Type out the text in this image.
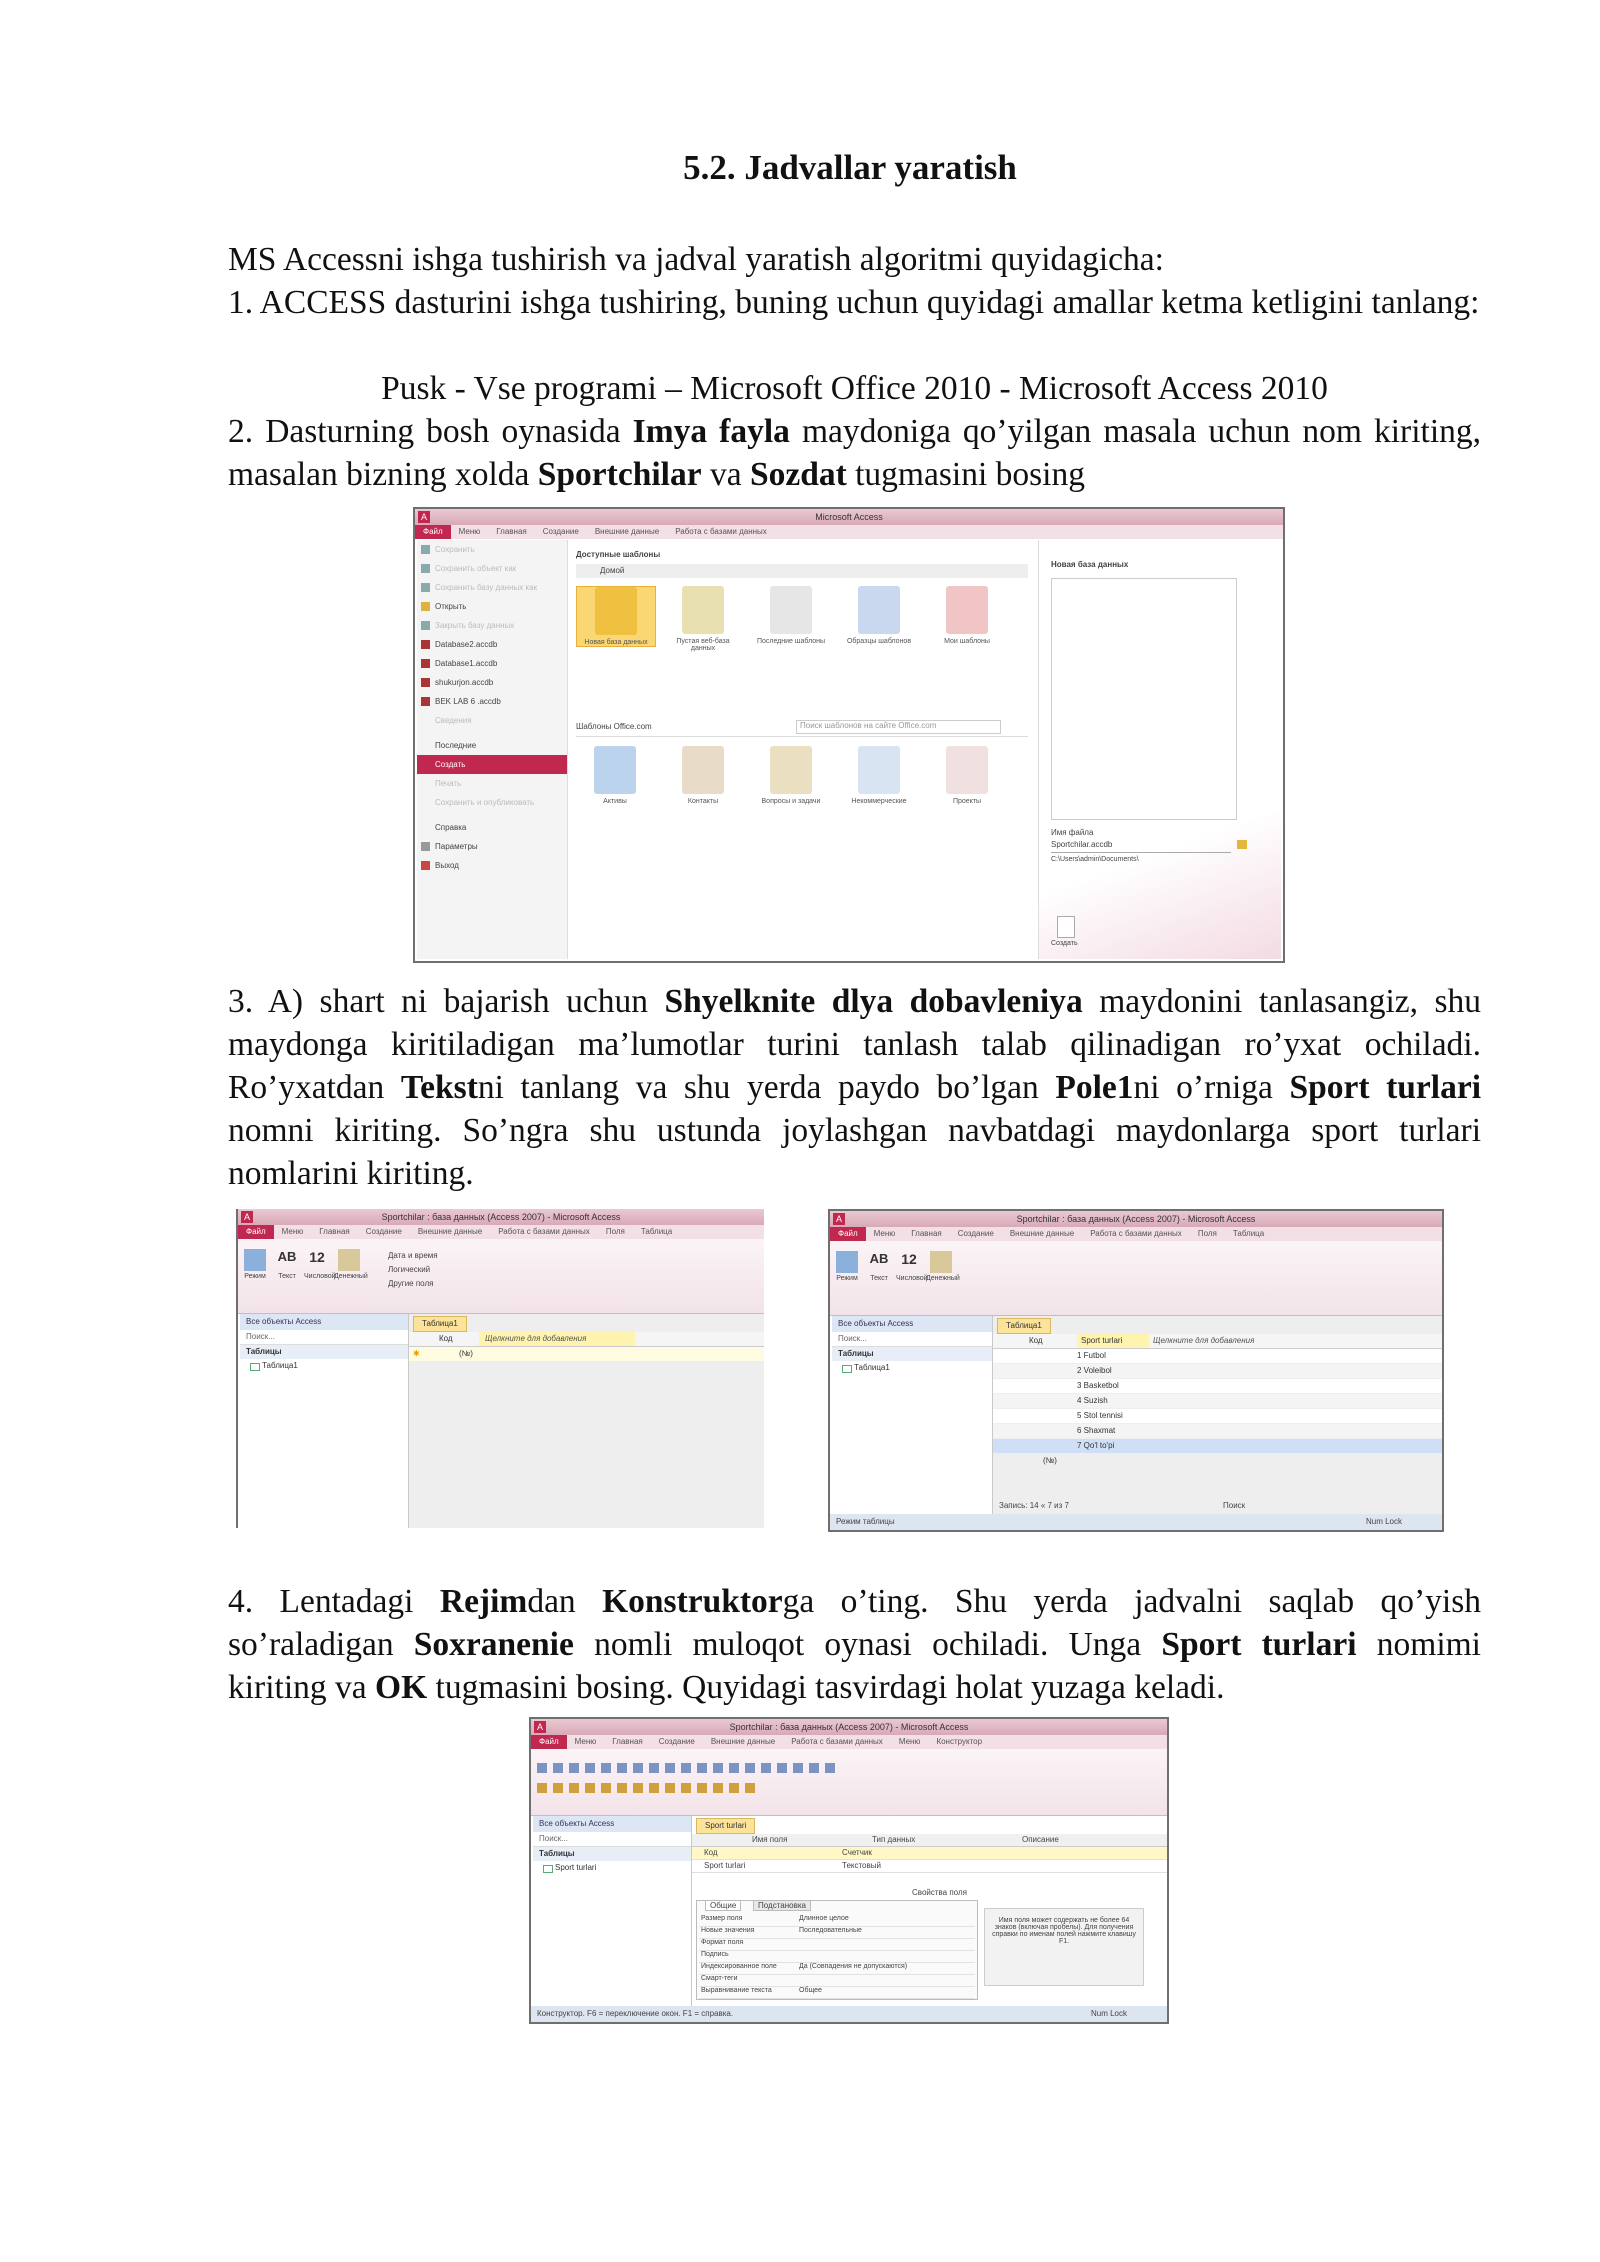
5.2. Jadvallar yaratish
MS Accessni ishga tushirish va jadval yaratish algoritmi quyidagicha:
1. ACCESS dasturini ishga tushiring, buning uchun quyidagi amallar ketma ketligini tanlang:
Pusk - Vse programi – Microsoft Office 2010 - Microsoft Access 2010

2. Dasturning bosh oynasida Imya fayla maydoniga qo’yilgan masala uchun nom kiriting, masalan bizning xolda Sportchilar va Sozdat tugmasini bosing

Microsoft Access
A
Файл Меню Главная Создание Внешние данные Работа с базами данных
Сохранить
Сохранить объект как
Сохранить базу данных как
Открыть
Закрыть базу данных
Database2.accdb
Database1.accdb
shukurjon.accdb
BEK LAB 6 .accdb
Сведения
Последние
Создать
Печать
Сохранить и опубликовать
Справка
Параметры
Выход
Доступные шаблоны
Домой
Новая база данных	Пустая веб-база данных
Последние шаблоны	Образцы шаблонов	Мои шаблоны
Шаблоны Office.com	Поиск шаблонов на сайте Office.com
Активы	Контакты	Вопросы и задачи	Некоммерческие	Проекты
Новая база данных
Имя файла
Sportchilar.accdb
C:\Users\admin\Documents\
Создать

3. A) shart ni bajarish uchun Shyelknite dlya dobavleniya maydonini tanlasangiz, shu maydonga kiritiladigan ma’lumotlar turini tanlash talab qilinadigan ro’yxat ochiladi. Ro’yxatdan Tekstni tanlang va shu yerda paydo bo’lgan Pole1ni o’rniga Sport turlari nomni kiriting. So’ngra shu ustunda joylashgan navbatdagi maydonlarga sport turlari nomlarini kiriting.

Sportchilar : база данных (Access 2007) - Microsoft Access
A
Файл Меню Главная Создание Внешние данные Работа с базами данных Поля Таблица
Режим
AB
Текст
12
Числовой
Денежный
Дата и время
Логический
Другие поля
Все объекты Access
Поиск...
Таблицы
Таблица1
Таблица1
Код	Щелкните для добавления
✱	(№)
Sportchilar : база данных (Access 2007) - Microsoft Access
A
Файл Меню Главная Создание Внешние данные Работа с базами данных Поля Таблица
Режим
AB
Текст
12
Числовой
Денежный
Все объекты Access
Поиск...
Таблицы
Таблица1
Таблица1
Код	Sport turlari	Щелкните для добавления
1 Futbol
2 Voleibol
3 Basketbol
4 Suzish
5 Stol tennisi
6 Shaxmat
7 Qo'l to'pi
(№)
Запись: 14 « 7 из 7	Поиск
Режим таблицы	Num Lock

4. Lentadagi Rejimdan Konstruktorga o’ting. Shu yerda jadvalni saqlab qo’yish so’raladigan Soxranenie nomli muloqot oynasi ochiladi. Unga Sport turlari nomimi kiriting va OK tugmasini bosing. Quyidagi tasvirdagi holat yuzaga keladi.

Sportchilar : база данных (Access 2007) - Microsoft Access
A
Файл Меню Главная Создание Внешние данные Работа с базами данных Меню Конструктор
Все объекты Access
Поиск...
Таблицы
Sport turlari
Sport turlari
Имя поля	Тип данных	Описание
Код	Счетчик
Sport turlari	Текстовый
Свойства поля
Общие	Подстановка
Размер поля	Длинное целое
Новые значения	Последовательные
Формат поля
Подпись
Индексированное поле	Да (Совпадения не допускаются)
Смарт-теги
Выравнивание текста	Общее
Имя поля может содержать не более 64 знаков (включая пробелы). Для получения справки по именам полей нажмите клавишу F1.
Конструктор. F6 = переключение окон. F1 = справка.	Num Lock
